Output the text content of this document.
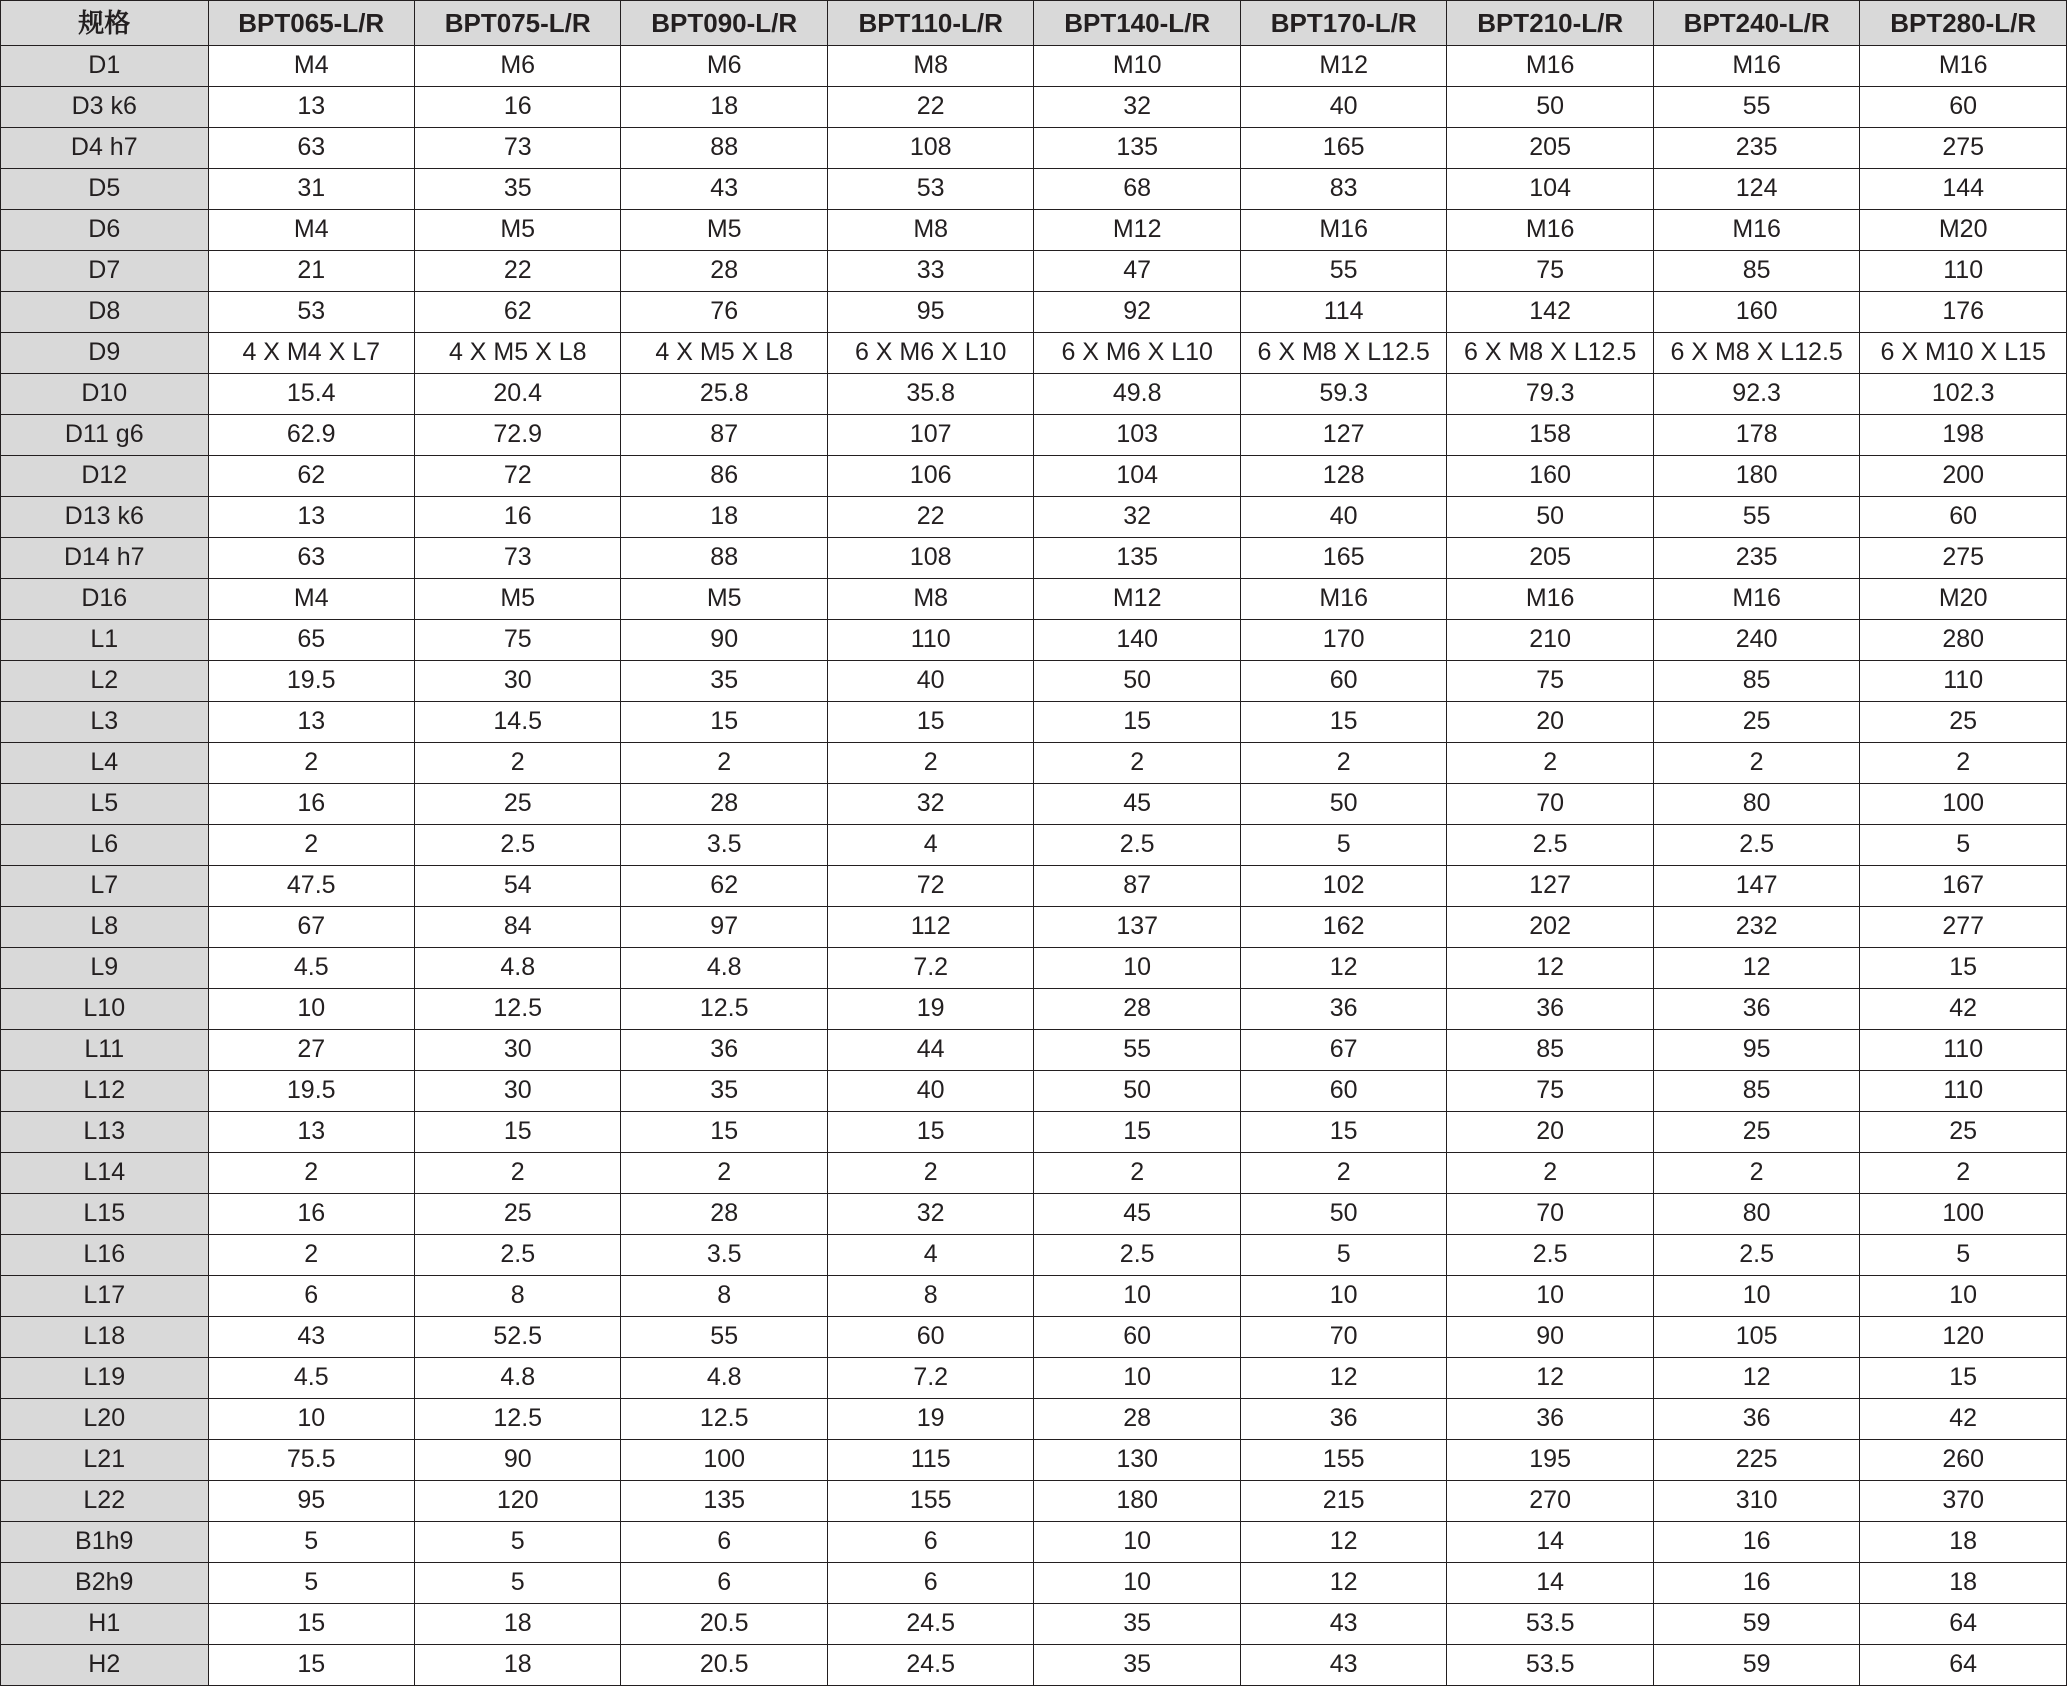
规格	BPT065-L/R	BPT075-L/R	BPT090-L/R	BPT110-L/R	BPT140-L/R	BPT170-L/R	BPT210-L/R	BPT240-L/R	BPT280-L/R
D1	M4	M6	M6	M8	M10	M12	M16	M16	M16
D3 k6	13	16	18	22	32	40	50	55	60
D4 h7	63	73	88	108	135	165	205	235	275
D5	31	35	43	53	68	83	104	124	144
D6	M4	M5	M5	M8	M12	M16	M16	M16	M20
D7	21	22	28	33	47	55	75	85	110
D8	53	62	76	95	92	114	142	160	176
D9	4 X M4 X L7	4 X M5 X L8	4 X M5 X L8	6 X M6 X L10	6 X M6 X L10	6 X M8 X L12.5	6 X M8 X L12.5	6 X M8 X L12.5	6 X M10 X L15
D10	15.4	20.4	25.8	35.8	49.8	59.3	79.3	92.3	102.3
D11 g6	62.9	72.9	87	107	103	127	158	178	198
D12	62	72	86	106	104	128	160	180	200
D13 k6	13	16	18	22	32	40	50	55	60
D14 h7	63	73	88	108	135	165	205	235	275
D16	M4	M5	M5	M8	M12	M16	M16	M16	M20
L1	65	75	90	110	140	170	210	240	280
L2	19.5	30	35	40	50	60	75	85	110
L3	13	14.5	15	15	15	15	20	25	25
L4	2	2	2	2	2	2	2	2	2
L5	16	25	28	32	45	50	70	80	100
L6	2	2.5	3.5	4	2.5	5	2.5	2.5	5
L7	47.5	54	62	72	87	102	127	147	167
L8	67	84	97	112	137	162	202	232	277
L9	4.5	4.8	4.8	7.2	10	12	12	12	15
L10	10	12.5	12.5	19	28	36	36	36	42
L11	27	30	36	44	55	67	85	95	110
L12	19.5	30	35	40	50	60	75	85	110
L13	13	15	15	15	15	15	20	25	25
L14	2	2	2	2	2	2	2	2	2
L15	16	25	28	32	45	50	70	80	100
L16	2	2.5	3.5	4	2.5	5	2.5	2.5	5
L17	6	8	8	8	10	10	10	10	10
L18	43	52.5	55	60	60	70	90	105	120
L19	4.5	4.8	4.8	7.2	10	12	12	12	15
L20	10	12.5	12.5	19	28	36	36	36	42
L21	75.5	90	100	115	130	155	195	225	260
L22	95	120	135	155	180	215	270	310	370
B1h9	5	5	6	6	10	12	14	16	18
B2h9	5	5	6	6	10	12	14	16	18
H1	15	18	20.5	24.5	35	43	53.5	59	64
H2	15	18	20.5	24.5	35	43	53.5	59	64
